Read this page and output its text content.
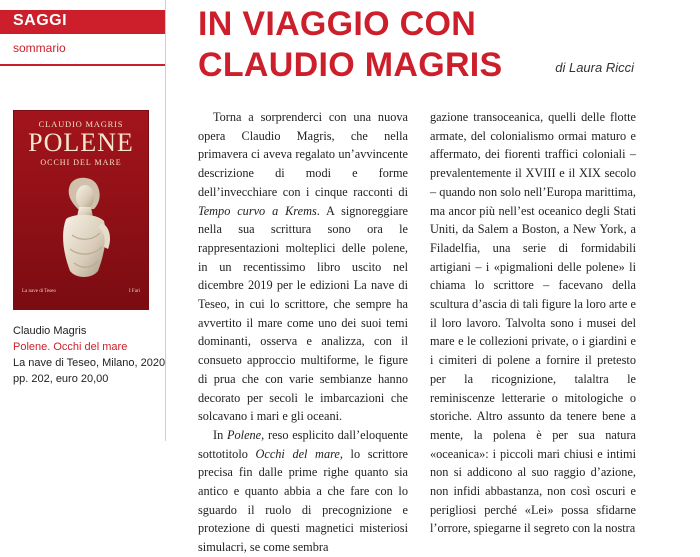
SAGGI
sommario
CLAUDIO MAGRIS
POLENE
OCCHI DEL MARE
La nave di Teseo	I Fari
Claudio Magris
Polene. Occhi del mare
La nave di Teseo, Milano, 2020
pp. 202, euro 20,00
IN VIAGGIO CON
CLAUDIO MAGRIS	di Laura Ricci

Torna a sorprenderci con una nuova opera Claudio Magris, che nella primavera ci aveva regalato un’avvincente descrizione di modi e forme dell’invecchiare con i cinque racconti di Tempo curvo a Krems. A signoreggiare nella sua scrittura sono ora le rappresentazioni molteplici delle polene, in un recentissimo libro uscito nel dicembre 2019 per le edizioni La nave di Teseo, in cui lo scrittore, che sempre ha avvertito il mare come uno dei suoi temi dominanti, osserva e analizza, con il consueto approccio multiforme, le figure di prua che con varie sembianze hanno decorato per secoli le imbarcazioni che solcavano i mari e gli oceani.

In Polene, reso esplicito dall’eloquente sottotitolo Occhi del mare, lo scrittore precisa fin dalle prime righe quanto sia antico e quanto abbia a che fare con lo sguardo il ruolo di precognizione e protezione di questi magnetici misteriosi simulacri, se come sembra

gazione transoceanica, quelli delle flotte armate, del colonialismo ormai maturo e affermato, dei fiorenti traffici coloniali – prevalentemente il XVIII e il XIX secolo – quando non solo nell’Europa marittima, ma ancor più nell’est oceanico degli Stati Uniti, da Salem a Boston, a New York, a Filadelfia, una serie di formidabili artigiani – i «pigmalioni delle polene» li chiama lo scrittore – facevano della scultura d’ascia di tali figure la loro arte e il loro lavoro. Talvolta sono i musei del mare e le collezioni private, o i giardini e i cimiteri di polene a fornire il pretesto per la ricognizione, talaltra le reminiscenze letterarie o mitologiche o storiche. Altro assunto da tenere bene a mente, la polena è per sua natura «oceanica»: i piccoli mari chiusi e intimi non si addicono al suo raggio d’azione, non infidi abbastanza, non così oscuri e perigliosi perché «Lei» possa sfidarne l’orrore, spiegarne il segreto con la nostra
